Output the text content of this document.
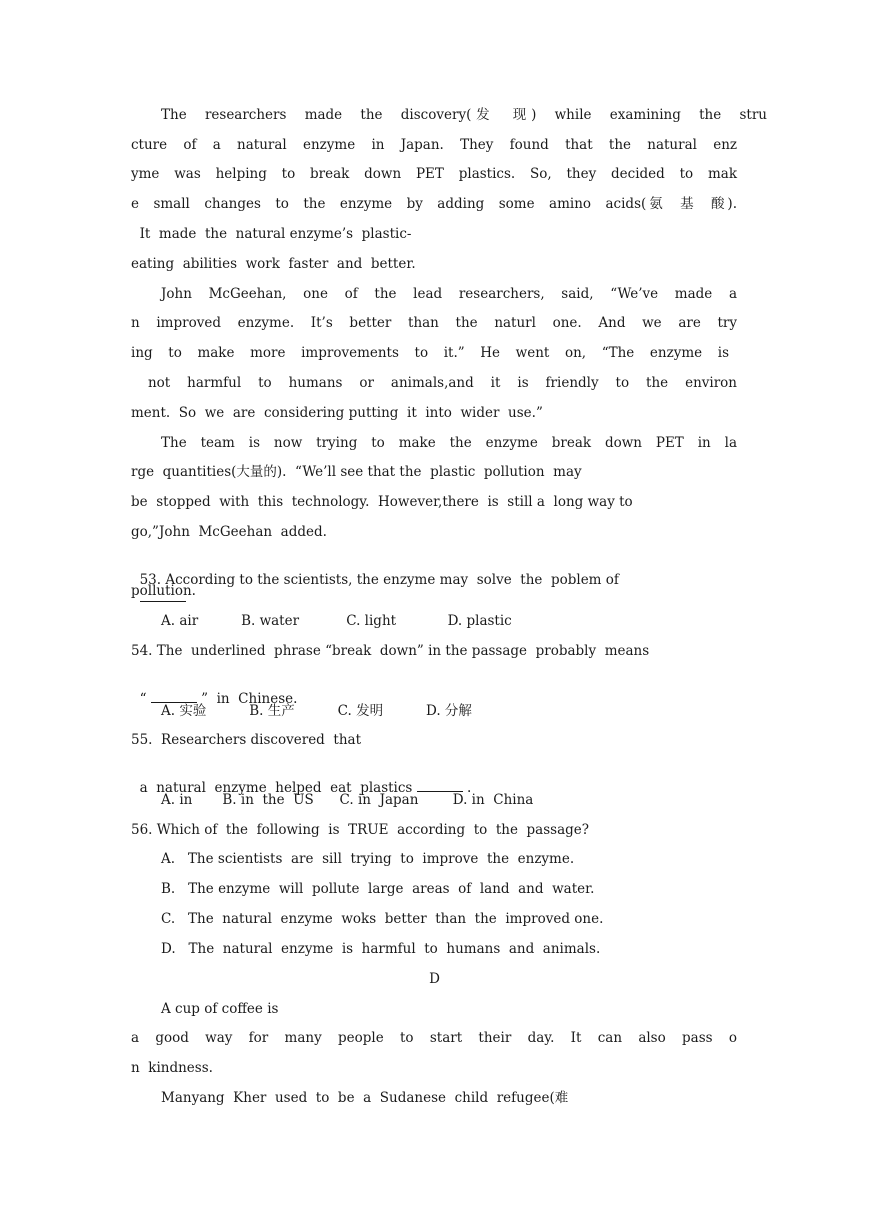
The  researchers  made  the  discovery(发  现)  while  examining  the  stru
cture  of  a  natural  enzyme  in  Japan.  They  found  that  the  natural  enz
yme  was  helping  to  break  down  PET  plastics.  So,  they  decided  to  mak
e  small  changes  to  the  enzyme  by  adding  some  amino  acids(氨  基  酸).
It  made  the  natural enzyme’s  plastic-
eating  abilities  work  faster  and  better.
John  McGeehan,  one  of  the  lead  researchers,  said,  “We’ve  made  a
n  improved  enzyme.  It’s  better  than  the  naturl  one.  And  we  are  try
ing  to  make  more  improvements  to  it.”  He  went  on,  “The  enzyme  is
not  harmful  to  humans  or  animals,and  it  is  friendly  to  the  environ
ment.  So  we  are  considering putting  it  into  wider  use.”
The  team  is  now  trying  to  make  the  enzyme  break  down  PET  in  la
rge  quantities(大量的).  “We’ll see that the  plastic  pollution  may
be  stopped  with  this  technology.  However,there  is  still a  long way to
go,”John  McGeehan  added.

53. According to the scientists, the enzyme may  solve  the  poblem of

pollution.
A. air          B. water           C. light            D. plastic
54. The  underlined  phrase “break  down” in the passage  probably  means

“	”  in  Chinese.

A. 实验          B. 生产          C. 发明          D. 分解
55.  Researchers discovered  that

a  natural  enzyme  helped  eat  plastics	.

A. in       B. in  the  US      C. in  Japan        D. in  China
56. Which of  the  following  is  TRUE  according  to  the  passage?
A.   The scientists  are  sill  trying  to  improve  the  enzyme.
B.   The enzyme  will  pollute  large  areas  of  land  and  water.
C.   The  natural  enzyme  woks  better  than  the  improved one.
D.   The  natural  enzyme  is  harmful  to  humans  and  animals.
D
A cup of coffee is
a  good  way  for  many  people  to  start  their  day.  It  can  also  pass  o
n  kindness.
Manyang  Kher  used  to  be  a  Sudanese  child  refugee(难
